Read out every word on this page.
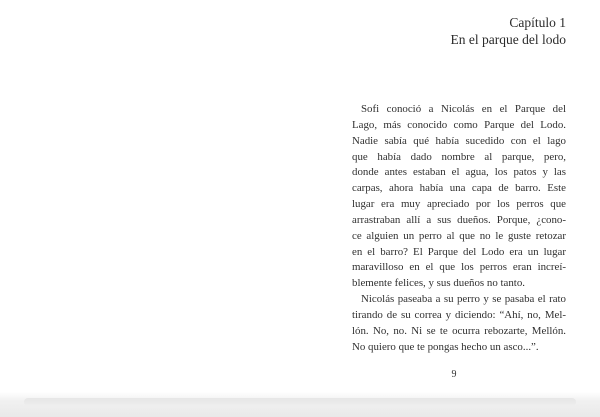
Capítulo 1
En el parque del lodo

Sofi conoció a Nicolás en el Parque del
Lago, más conocido como Parque del Lodo.
Nadie sabía qué había sucedido con el lago
que había dado nombre al parque, pero,
donde antes estaban el agua, los patos y las
carpas, ahora había una capa de barro. Este
lugar era muy apreciado por los perros que
arrastraban allí a sus dueños. Porque, ¿cono-
ce alguien un perro al que no le guste retozar
en el barro? El Parque del Lodo era un lugar
maravilloso en el que los perros eran increí-
blemente felices, y sus dueños no tanto.

Nicolás paseaba a su perro y se pasaba el rato
tirando de su correa y diciendo: “Ahí, no, Mel-
lón. No, no. Ni se te ocurra rebozarte, Mellón.
No quiero que te pongas hecho un asco...”.

9
